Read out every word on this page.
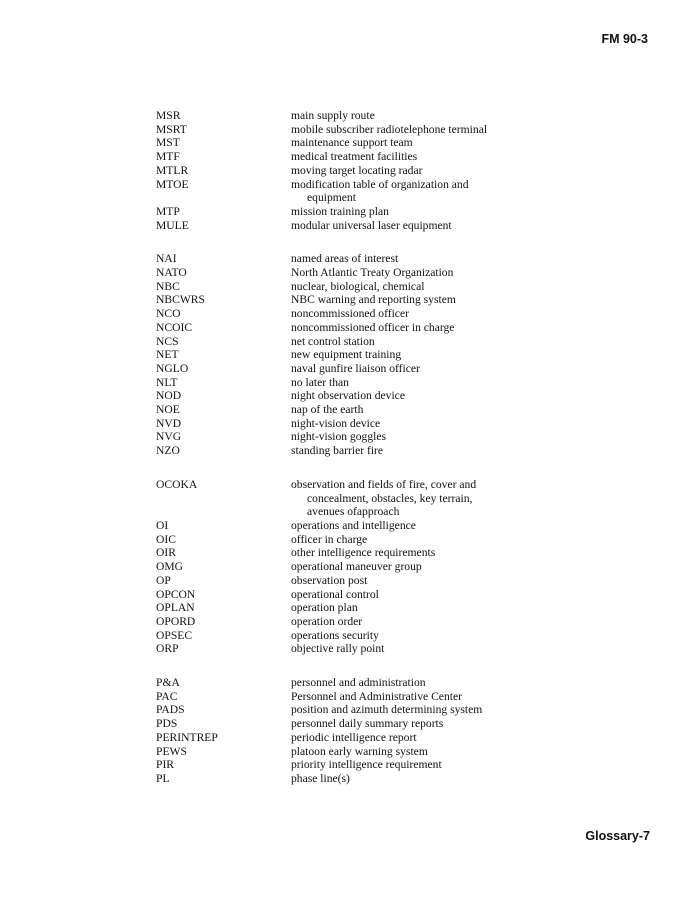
FM 90-3
MSR	main supply route
MSRT	mobile subscriber radiotelephone terminal
MST	maintenance support team
MTF	medical treatment facilities
MTLR	moving target locating radar
MTOE	modification table of organization and
equipment
MTP	mission training plan
MULE	modular universal laser equipment
NAI	named areas of interest
NATO	North Atlantic Treaty Organization
NBC	nuclear, biological, chemical
NBCWRS	NBC warning and reporting system
NCO	noncommissioned officer
NCOIC	noncommissioned officer in charge
NCS	net control station
NET	new equipment training
NGLO	naval gunfire liaison officer
NLT	no later than
NOD	night observation device
NOE	nap of the earth
NVD	night-vision device
NVG	night-vision goggles
NZO	standing barrier fire
OCOKA	observation and fields of fire, cover and
concealment, obstacles, key terrain,
avenues ofapproach
OI	operations and intelligence
OIC	officer in charge
OIR	other intelligence requirements
OMG	operational maneuver group
OP	observation post
OPCON	operational control
OPLAN	operation plan
OPORD	operation order
OPSEC	operations security
ORP	objective rally point
P&A	personnel and administration
PAC	Personnel and Administrative Center
PADS	position and azimuth determining system
PDS	personnel daily summary reports
PERINTREP	periodic intelligence report
PEWS	platoon early warning system
PIR	priority intelligence requirement
PL	phase line(s)
Glossary-7
